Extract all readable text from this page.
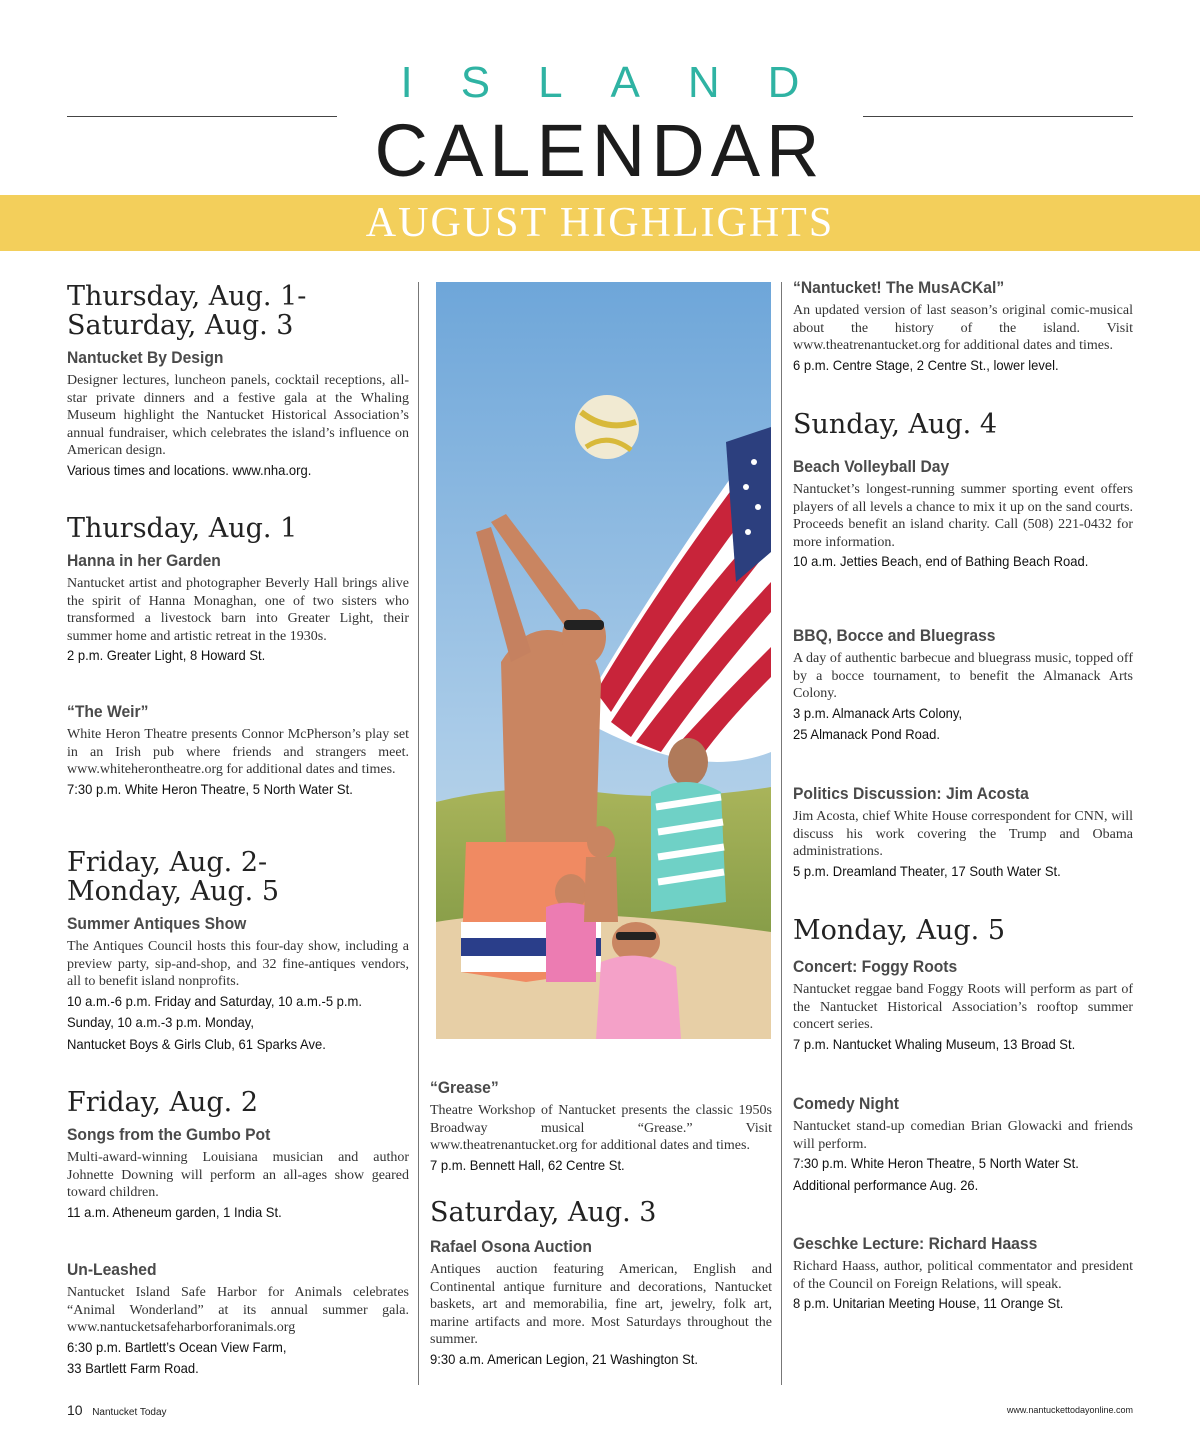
ISLAND
CALENDAR
AUGUST HIGHLIGHTS
Thursday, Aug. 1-
Saturday, Aug. 3
Nantucket By Design
Designer lectures, luncheon panels, cocktail receptions, all-star private dinners and a festive gala at the Whaling Museum highlight the Nantucket Historical Association’s annual fundraiser, which celebrates the island’s influence on American design.
Various times and locations. www.nha.org.
Thursday, Aug. 1
Hanna in her Garden
Nantucket artist and photographer Beverly Hall brings alive the spirit of Hanna Monaghan, one of two sisters who transformed a livestock barn into Greater Light, their summer home and artistic retreat in the 1930s.
2 p.m. Greater Light, 8 Howard St.
“The Weir”
White Heron Theatre presents Connor McPherson’s play set in an Irish pub where friends and strangers meet. www.whiteherontheatre.org for additional dates and times.
7:30 p.m. White Heron Theatre, 5 North Water St.
Friday, Aug. 2-
Monday, Aug. 5
Summer Antiques Show
The Antiques Council hosts this four-day show, including a preview party, sip-and-shop, and 32 fine-antiques vendors, all to benefit island nonprofits.
10 a.m.-6 p.m. Friday and Saturday, 10 a.m.-5 p.m.
Sunday, 10 a.m.-3 p.m. Monday,
Nantucket Boys & Girls Club, 61 Sparks Ave.
Friday, Aug. 2
Songs from the Gumbo Pot
Multi-award-winning Louisiana musician and author Johnette Downing will perform an all-ages show geared toward children.
11 a.m. Atheneum garden, 1 India St.
Un-Leashed
Nantucket Island Safe Harbor for Animals celebrates “Animal Wonderland” at its annual summer gala. www.nantucketsafeharborforanimals.org
6:30 p.m. Bartlett’s Ocean View Farm,
33 Bartlett Farm Road.
“Grease”
Theatre Workshop of Nantucket presents the classic 1950s Broadway musical “Grease.” Visit www.theatrenantucket.org for additional dates and times.
7 p.m. Bennett Hall, 62 Centre St.
Saturday, Aug. 3
Rafael Osona Auction
Antiques auction featuring American, English and Continental antique furniture and decorations, Nantucket baskets, art and memorabilia, fine art, jewelry, folk art, marine artifacts and more. Most Saturdays throughout the summer.
9:30 a.m. American Legion, 21 Washington St.
“Nantucket! The MusACKal”
An updated version of last season’s original comic-musical about the history of the island. Visit www.theatrenantucket.org for additional dates and times.
6 p.m. Centre Stage, 2 Centre St., lower level.
Sunday, Aug. 4
Beach Volleyball Day
Nantucket’s longest-running summer sporting event offers players of all levels a chance to mix it up on the sand courts. Proceeds benefit an island charity. Call (508) 221-0432 for more information.
10 a.m. Jetties Beach, end of Bathing Beach Road.
BBQ, Bocce and Bluegrass
A day of authentic barbecue and bluegrass music, topped off by a bocce tournament, to benefit the Almanack Arts Colony.
3 p.m. Almanack Arts Colony,
25 Almanack Pond Road.
Politics Discussion: Jim Acosta
Jim Acosta, chief White House correspondent for CNN, will discuss his work covering the Trump and Obama administrations.
5 p.m. Dreamland Theater, 17 South Water St.
Monday, Aug. 5
Concert: Foggy Roots
Nantucket reggae band Foggy Roots will perform as part of the Nantucket Historical Association’s rooftop summer concert series.
7 p.m. Nantucket Whaling Museum, 13 Broad St.
Comedy Night
Nantucket stand-up comedian Brian Glowacki and friends will perform.
7:30 p.m. White Heron Theatre, 5 North Water St.
Additional performance Aug. 26.
Geschke Lecture: Richard Haass
Richard Haass, author, political commentator and president of the Council on Foreign Relations, will speak.
8 p.m. Unitarian Meeting House, 11 Orange St.
10 Nantucket Today	www.nantuckettodayonline.com
